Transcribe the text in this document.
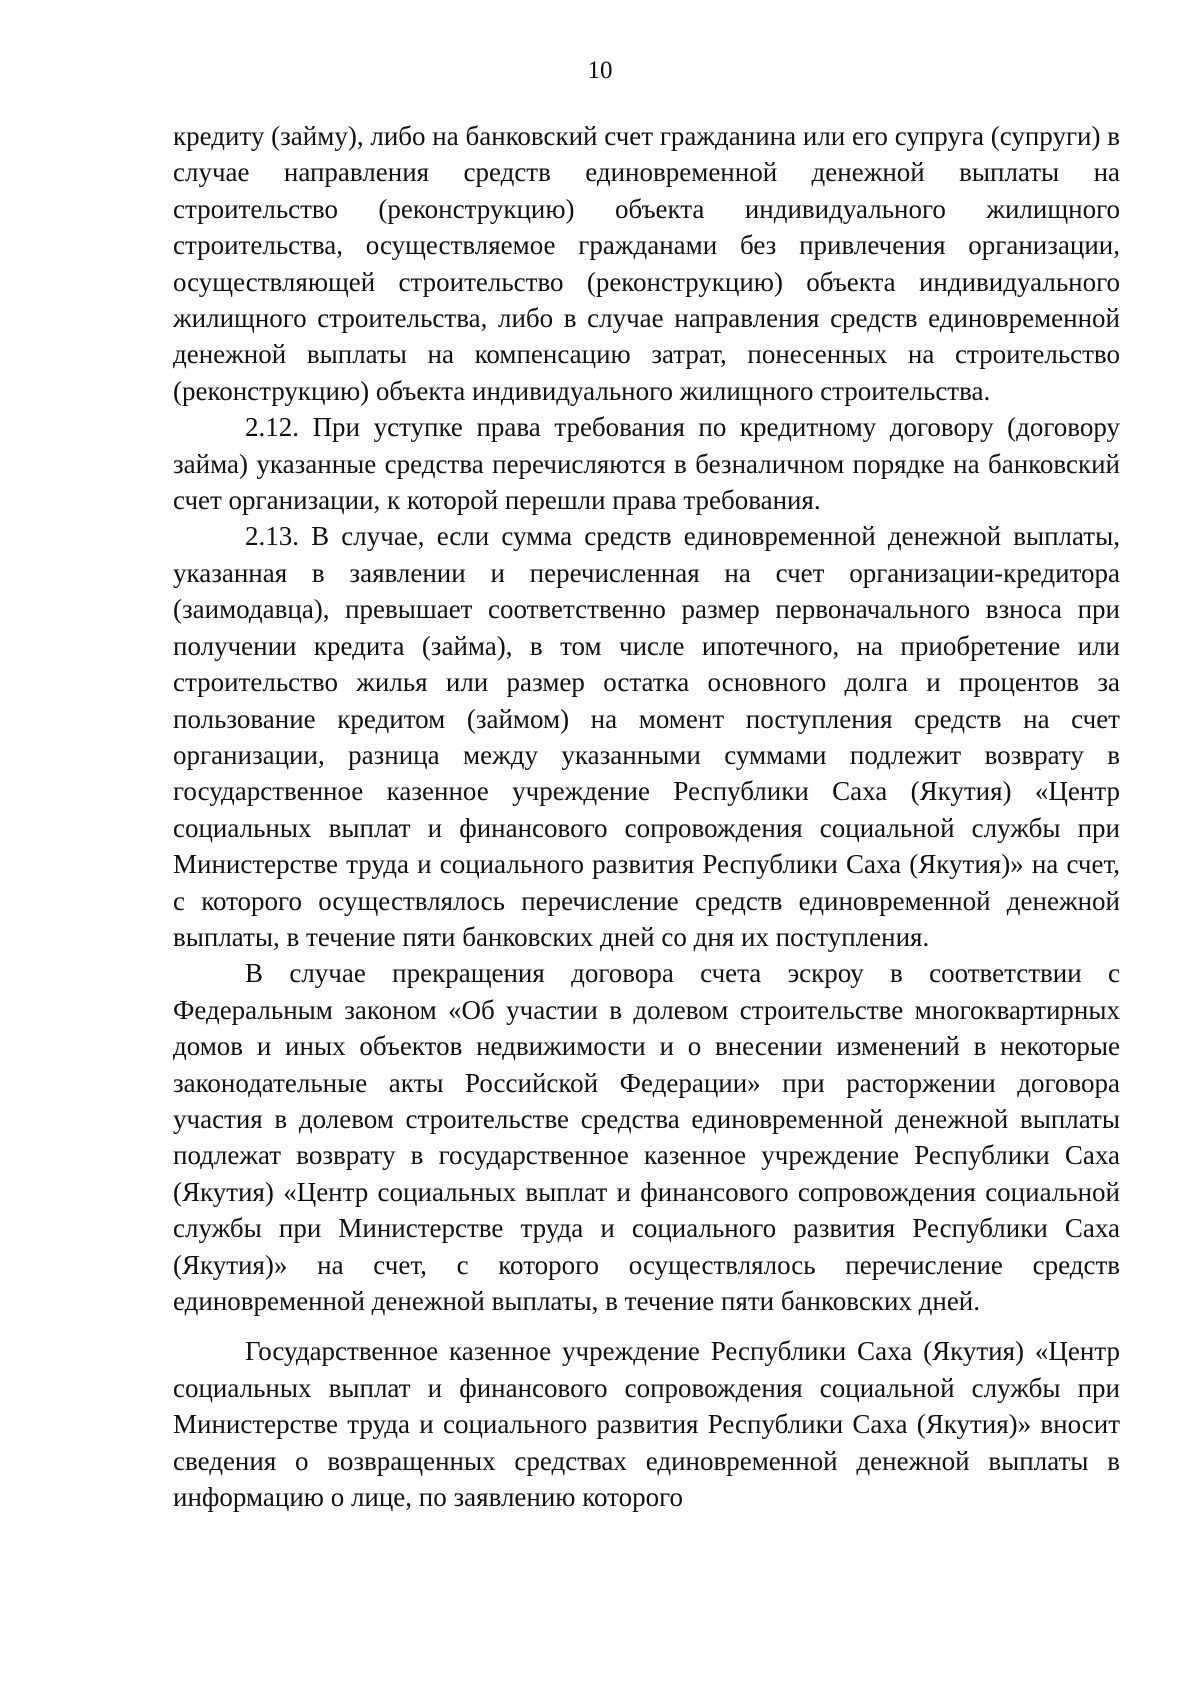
10

кредиту (займу), либо на банковский счет гражданина или его супруга (супруги) в случае направления средств единовременной денежной выплаты на строительство (реконструкцию) объекта индивидуального жилищного строительства, осуществляемое гражданами без привлечения организации, осуществляющей строительство (реконструкцию) объекта индивидуального жилищного строительства, либо в случае направления средств единовременной денежной выплаты на компенсацию затрат, понесенных на строительство (реконструкцию) объекта индивидуального жилищного строительства.

2.12. При уступке права требования по кредитному договору (договору займа) указанные средства перечисляются в безналичном порядке на банковский счет организации, к которой перешли права требования.

2.13. В случае, если сумма средств единовременной денежной выплаты, указанная в заявлении и перечисленная на счет организации-кредитора (заимодавца), превышает соответственно размер первоначального взноса при получении кредита (займа), в том числе ипотечного, на приобретение или строительство жилья или размер остатка основного долга и процентов за пользование кредитом (займом) на момент поступления средств на счет организации, разница между указанными суммами подлежит возврату в государственное казенное учреждение Республики Саха (Якутия) «Центр социальных выплат и финансового сопровождения социальной службы при Министерстве труда и социального развития Республики Саха (Якутия)» на счет, с которого осуществлялось перечисление средств единовременной денежной выплаты, в течение пяти банковских дней со дня их поступления.

В случае прекращения договора счета эскроу в соответствии с Федеральным законом «Об участии в долевом строительстве многоквартирных домов и иных объектов недвижимости и о внесении изменений в некоторые законодательные акты Российской Федерации» при расторжении договора участия в долевом строительстве средства единовременной денежной выплаты подлежат возврату в государственное казенное учреждение Республики Саха (Якутия) «Центр социальных выплат и финансового сопровождения социальной службы при Министерстве труда и социального развития Республики Саха (Якутия)» на счет, с которого осуществлялось перечисление средств единовременной денежной выплаты, в течение пяти банковских дней.

Государственное казенное учреждение Республики Саха (Якутия) «Центр социальных выплат и финансового сопровождения социальной службы при Министерстве труда и социального развития Республики Саха (Якутия)» вносит сведения о возвращенных средствах единовременной денежной выплаты в информацию о лице, по заявлению которого
